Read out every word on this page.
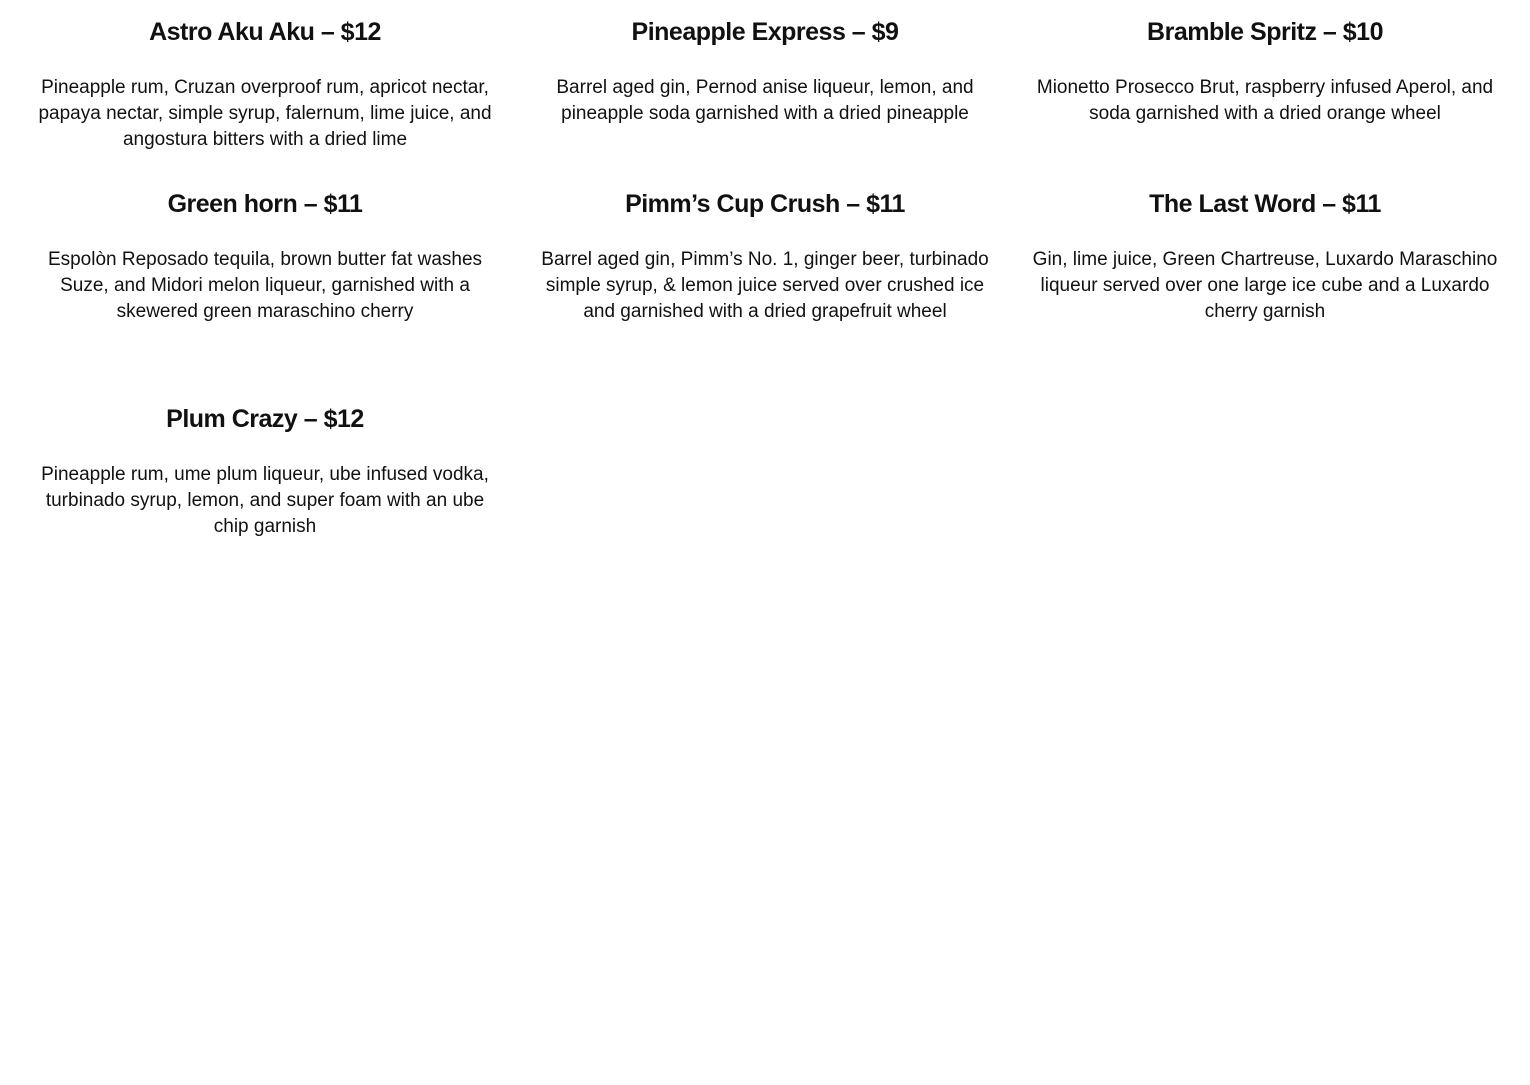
Astro Aku Aku – $12

Pineapple rum, Cruzan overproof rum, apricot nectar, papaya nectar, simple syrup, falernum, lime juice, and angostura bitters with a dried lime

Pineapple Express – $9

Barrel aged gin, Pernod anise liqueur, lemon, and pineapple soda garnished with a dried pineapple

Bramble Spritz – $10

Mionetto Prosecco Brut, raspberry infused Aperol, and soda garnished with a dried orange wheel

Green horn – $11

Espolòn Reposado tequila, brown butter fat washes Suze, and Midori melon liqueur, garnished with a skewered green maraschino cherry

Pimm’s Cup Crush – $11

Barrel aged gin, Pimm’s No. 1, ginger beer, turbinado simple syrup, & lemon juice served over crushed ice and garnished with a dried grapefruit wheel

The Last Word – $11

Gin, lime juice, Green Chartreuse, Luxardo Maraschino liqueur served over one large ice cube and a Luxardo cherry garnish

Plum Crazy – $12

Pineapple rum, ume plum liqueur, ube infused vodka, turbinado syrup, lemon, and super foam with an ube chip garnish
